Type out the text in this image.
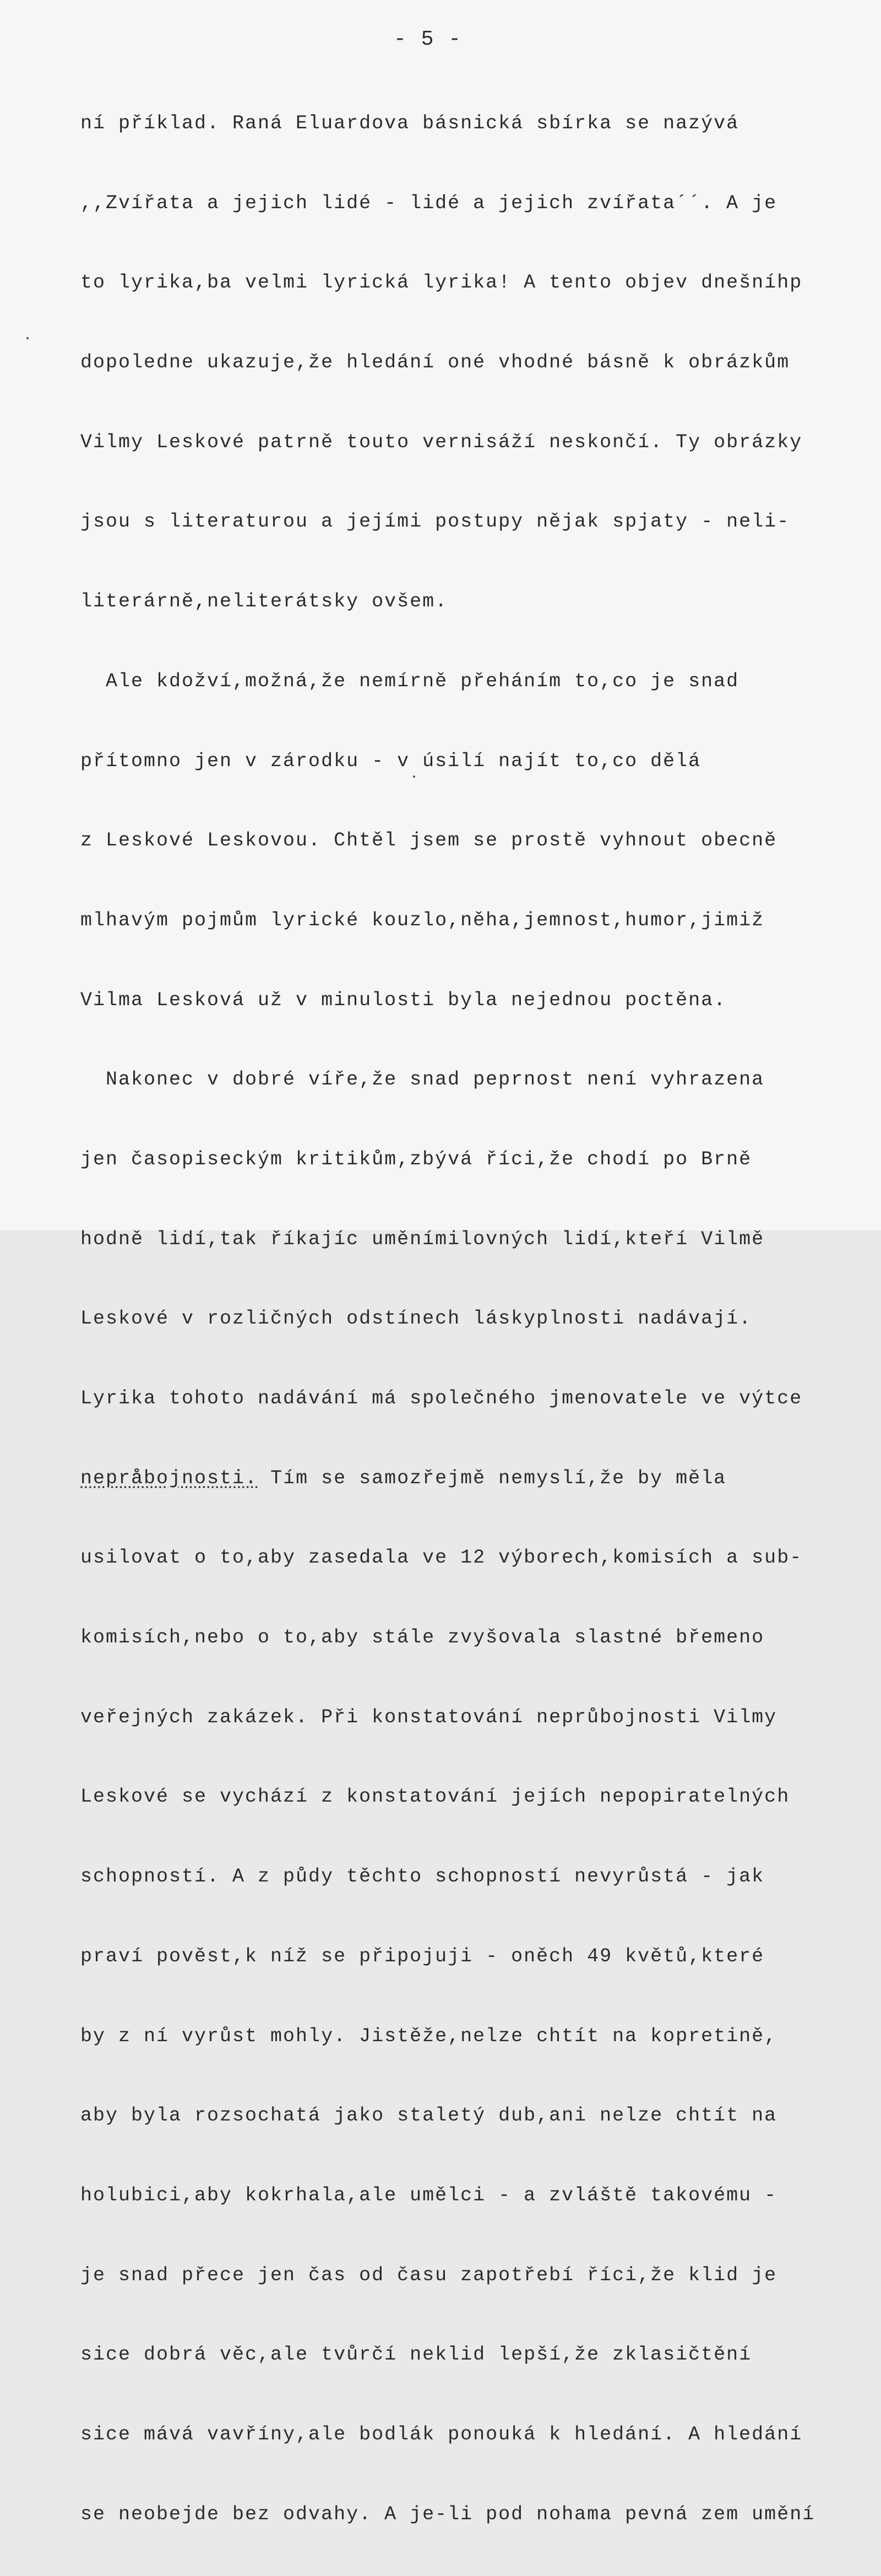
- 5 -

ní příklad. Raná Eluardova básnická sbírka se nazývá

,,Zvířata a jejich lidé - lidé a jejich zvířata´´. A je

to lyrika,ba velmi lyrická lyrika! A tento objev dnešníhp

dopoledne ukazuje,že hledání oné vhodné básně k obrázkům

Vilmy Leskové patrně touto vernisáží neskončí. Ty obrázky

jsou s literaturou a jejími postupy nějak spjaty - neli-

literárně,neliterátsky ovšem.

Ale kdožví,možná,že nemírně přeháním to,co je snad

přítomno jen v zárodku - v úsilí najít to,co dělá

z Leskové Leskovou. Chtěl jsem se prostě vyhnout obecně

mlhavým pojmům lyrické kouzlo,něha,jemnost,humor,jimiž

Vilma Lesková už v minulosti byla nejednou poctěna.

Nakonec v dobré víře,že snad peprnost není vyhrazena

jen časopiseckým kritikům,zbývá říci,že chodí po Brně

hodně lidí,tak říkajíc uměnímilovných lidí,kteří Vilmě

Leskové v rozličných odstínech láskyplnosti nadávají.

Lyrika tohoto nadávání má společného jmenovatele ve výtce

nepråbojnosti. Tím se samozřejmě nemyslí,že by měla

usilovat o to,aby zasedala ve 12 výborech,komisích a sub-

komisích,nebo o to,aby stále zvyšovala slastné břemeno

veřejných zakázek. Při konstatování neprůbojnosti Vilmy

Leskové se vychází z konstatování jejích nepopiratelných

schopností. A z půdy těchto schopností nevyrůstá - jak

praví pověst,k níž se připojuji - oněch 49 květů,které

by z ní vyrůst mohly. Jistěže,nelze chtít na kopretině,

aby byla rozsochatá jako staletý dub,ani nelze chtít na

holubici,aby kokrhala,ale umělci - a zvláště takovému -

je snad přece jen čas od času zapotřebí říci,že klid je

sice dobrá věc,ale tvůrčí neklid lepší,že zklasičtění

sice mává vavříny,ale bodlák ponouká k hledání. A hledání

se neobejde bez odvahy. A je-li pod nohama pevná zem umění
